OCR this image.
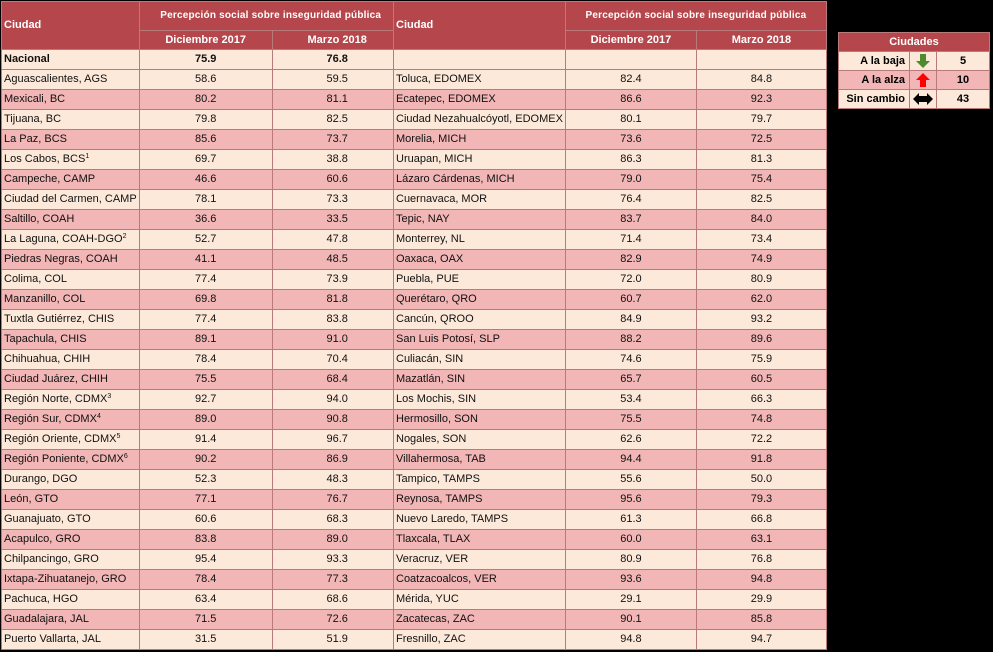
Ciudad	Percepción social sobre inseguridad pública	
	Diciembre 2017	Marzo 2018
Nacional	75.9	76.8
Aguascalientes, AGS	58.6	59.5
Mexicali, BC	80.2	81.1
Tijuana, BC	79.8	82.5
La Paz, BCS	85.6	73.7
Los Cabos, BCS$^1$	69.7	38.8
Campeche, CAMP	46.6	60.6
Ciudad del Carmen, CAMP	78.1	73.3
Saltillo, COAH	36.6	33.5
La Laguna, COAH-DGO$^2$	52.7	47.8
Piedras Negras, COAH	41.1	48.5
Colima, COL	77.4	73.9
Manzanillo, COL	69.8	81.8
Tuxtla Gutiérrez, CHIS	77.4	83.8
Tapachula, CHIS	89.1	91.0
Chihuahua, CHIH	78.4	70.4
Ciudad Juárez, CHIH	75.5	68.4
Región Norte, CDMX$^3$	92.7	94.0
Región Sur, CDMX$^4$	89.0	90.8
Región Oriente, CDMX$^5$	91.4	96.7
Región Poniente, CDMX$^6$	90.2	86.9
Durango, DGO	52.3	48.3
León, GTO	77.1	76.7
Guanajuato, GTO	60.6	68.3
Acapulco, GRO	83.8	89.0
Chilpancingo, GRO	95.4	93.3
Ixtapa-Zihuatanejo, GRO	78.4	77.3
Pachuca, HGO	63.4	68.6
Guadalajara, JAL	71.5	72.6
Puerto Vallarta, JAL	31.5	51.9
Ciudad	Percepción social sobre inseguridad pública	
	Diciembre 2017	Marzo 2018

Toluca, EDOMEX	82.4	84.8
Ecatepec, EDOMEX	86.6	92.3
Ciudad Nezahualcóyotl, EDOMEX	80.1	79.7
Morelia, MICH	73.6	72.5
Uruapan, MICH	86.3	81.3
Lázaro Cárdenas, MICH	79.0	75.4
Cuernavaca, MOR	76.4	82.5
Tepic, NAY	83.7	84.0
Monterrey, NL	71.4	73.4
Oaxaca, OAX	82.9	74.9
Puebla, PUE	72.0	80.9
Querétaro, QRO	60.7	62.0
Cancún, QROO	84.9	93.2
San Luis Potosí, SLP	88.2	89.6
Culiacán, SIN	74.6	75.9
Mazatlán, SIN	65.7	60.5
Los Mochis, SIN	53.4	66.3
Hermosillo, SON	75.5	74.8
Nogales, SON	62.6	72.2
Villahermosa, TAB	94.4	91.8
Tampico, TAMPS	55.6	50.0
Reynosa, TAMPS	95.6	79.3
Nuevo Laredo, TAMPS	61.3	66.8
Tlaxcala, TLAX	60.0	63.1
Veracruz, VER	80.9	76.8
Coatzacoalcos, VER	93.6	94.8
Mérida, YUC	29.1	29.9
Zacatecas, ZAC	90.1	85.8
Fresnillo, ZAC	94.8	94.7
Ciudades		
A la baja		5
A la alza		10
Sin cambio		43
